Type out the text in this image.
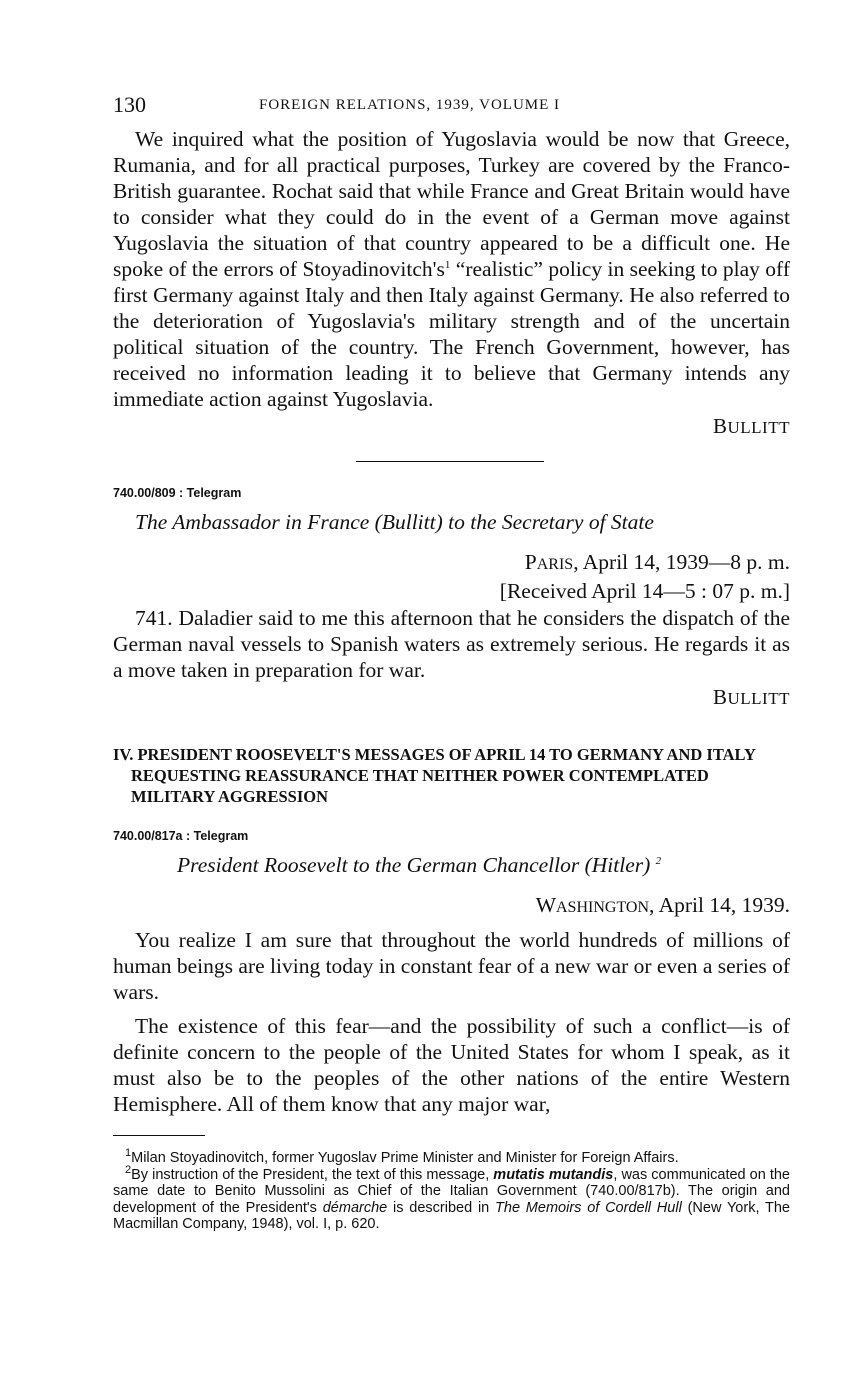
130	FOREIGN RELATIONS, 1939, VOLUME I

We inquired what the position of Yugoslavia would be now that Greece, Rumania, and for all practical purposes, Turkey are covered by the Franco-British guarantee. Rochat said that while France and Great Britain would have to consider what they could do in the event of a German move against Yugoslavia the situation of that country appeared to be a difficult one. He spoke of the errors of $Stoyadinovitch's^1$ “realistic” policy in seeking to play off first Germany against Italy and then Italy against Germany. He also referred to the deterioration of Yugoslavia's military strength and of the uncertain political situation of the country. The French Government, however, has received no information leading it to believe that Germany intends any immediate action against Yugoslavia.

BULLITT
740.00/809 : Telegram
The Ambassador in France (Bullitt) to the Secretary of State
PARIS, April 14, 1939—8 p. m.
[Received April 14—5 : 07 p. m.]

741. Daladier said to me this afternoon that he considers the dispatch of the German naval vessels to Spanish waters as extremely serious. He regards it as a move taken in preparation for war.

BULLITT
IV. PRESIDENT ROOSEVELT'S MESSAGES OF APRIL 14 TO GERMANY AND ITALY REQUESTING REASSURANCE THAT NEITHER POWER CONTEMPLATED MILITARY AGGRESSION
740.00/817a : Telegram
President Roosevelt to the German Chancellor (Hitler) $^2$
WASHINGTON, April 14, 1939.

You realize I am sure that throughout the world hundreds of millions of human beings are living today in constant fear of a new war or even a series of wars.

The existence of this fear—and the possibility of such a conflict—is of definite concern to the people of the United States for whom I speak, as it must also be to the peoples of the other nations of the entire Western Hemisphere. All of them know that any major war,

$^1$Milan Stoyadinovitch, former Yugoslav Prime Minister and Minister for Foreign Affairs.

$^2$By instruction of the President, the text of this message, mutatis mutandis, was communicated on the same date to Benito Mussolini as Chief of the Italian Government (740.00/817b). The origin and development of the President's démarche is described in The Memoirs of Cordell Hull (New York, The Macmillan Company, 1948), vol. I, p. 620.
